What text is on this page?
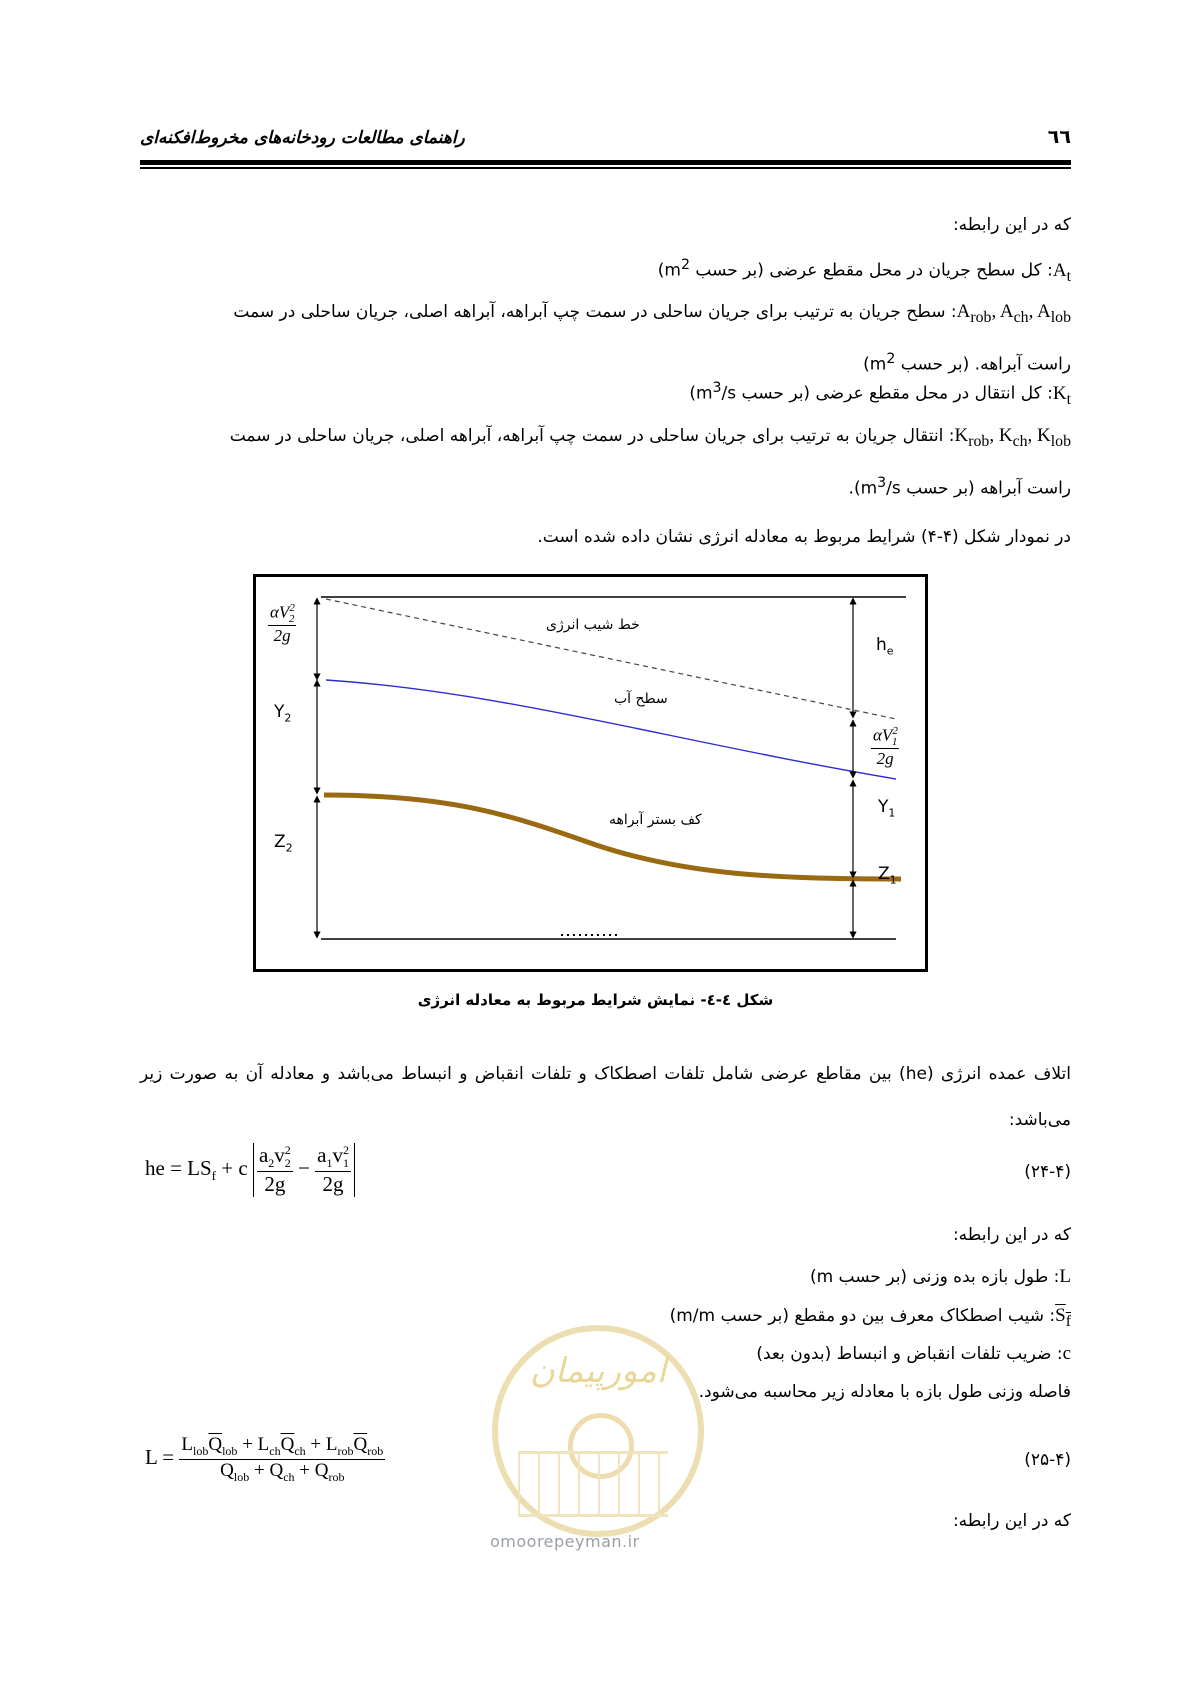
راهنمای مطالعات رودخانه‌های مخروط‌افکنه‌ای	٦٦
که در این رابطه:
$A_t$: کل سطح جریان در محل مقطع عرضی (بر حسب $m^2$)
$A_{rob}$, $A_{ch}$, $A_{lob}$: سطح جریان به ترتیب برای جریان ساحلی در سمت چپ آبراهه، آبراهه اصلی، جریان ساحلی در سمت
راست آبراهه. (بر حسب $m^2$)
$K_t$: کل انتقال در محل مقطع عرضی (بر حسب $m^3/s$)
$K_{rob}$, $K_{ch}$, $K_{lob}$: انتقال جریان به ترتیب برای جریان ساحلی در سمت چپ آبراهه، آبراهه اصلی، جریان ساحلی در سمت
راست آبراهه (بر حسب $m^3/s$).
در نمودار شکل (۴-۴) شرایط مربوط به معادله انرژی نشان داده شده است.
خط شیب انرژی
سطح آب
کف بستر آبراهه
$\alpha V^2_2$
2g
$Y_2$
$Z_2$
$h_e$
$\alpha V^2_1$
2g
$Y_1$
$Z_1$
شکل ٤-٤- نمایش شرایط مربوط به معادله انرژی
اتلاف عمده انرژی (he) بین مقاطع عرضی شامل تلفات اصطکاک و تلفات انقباض و انبساط می‌باشد و معادله آن به صورت زیر می‌باشد:
he = $LS_f + c \frac{a_2v^2_2}{2g} - \frac{a_1v^2_1}{2g}$	(۲۴-۴)
که در این رابطه:
L: طول بازه بده وزنی (بر حسب m)
$S_f$: شیب اصطکاک معرف بین دو مقطع (بر حسب m/m)
c: ضریب تلفات انقباض و انبساط (بدون بعد)
فاصله وزنی طول بازه با معادله زیر محاسبه می‌شود.
$L = \frac{L_{lob}\overline{Q}_{lob} + L_{ch}\overline{Q}_{ch} + L_{rob}\overline{Q}_{rob}}{\overline{Q}_{lob} + \overline{Q}_{ch} + \overline{Q}_{rob}}$	(۲۵-۴)
که در این رابطه:
امورپیمان
omoorepeyman.ir
